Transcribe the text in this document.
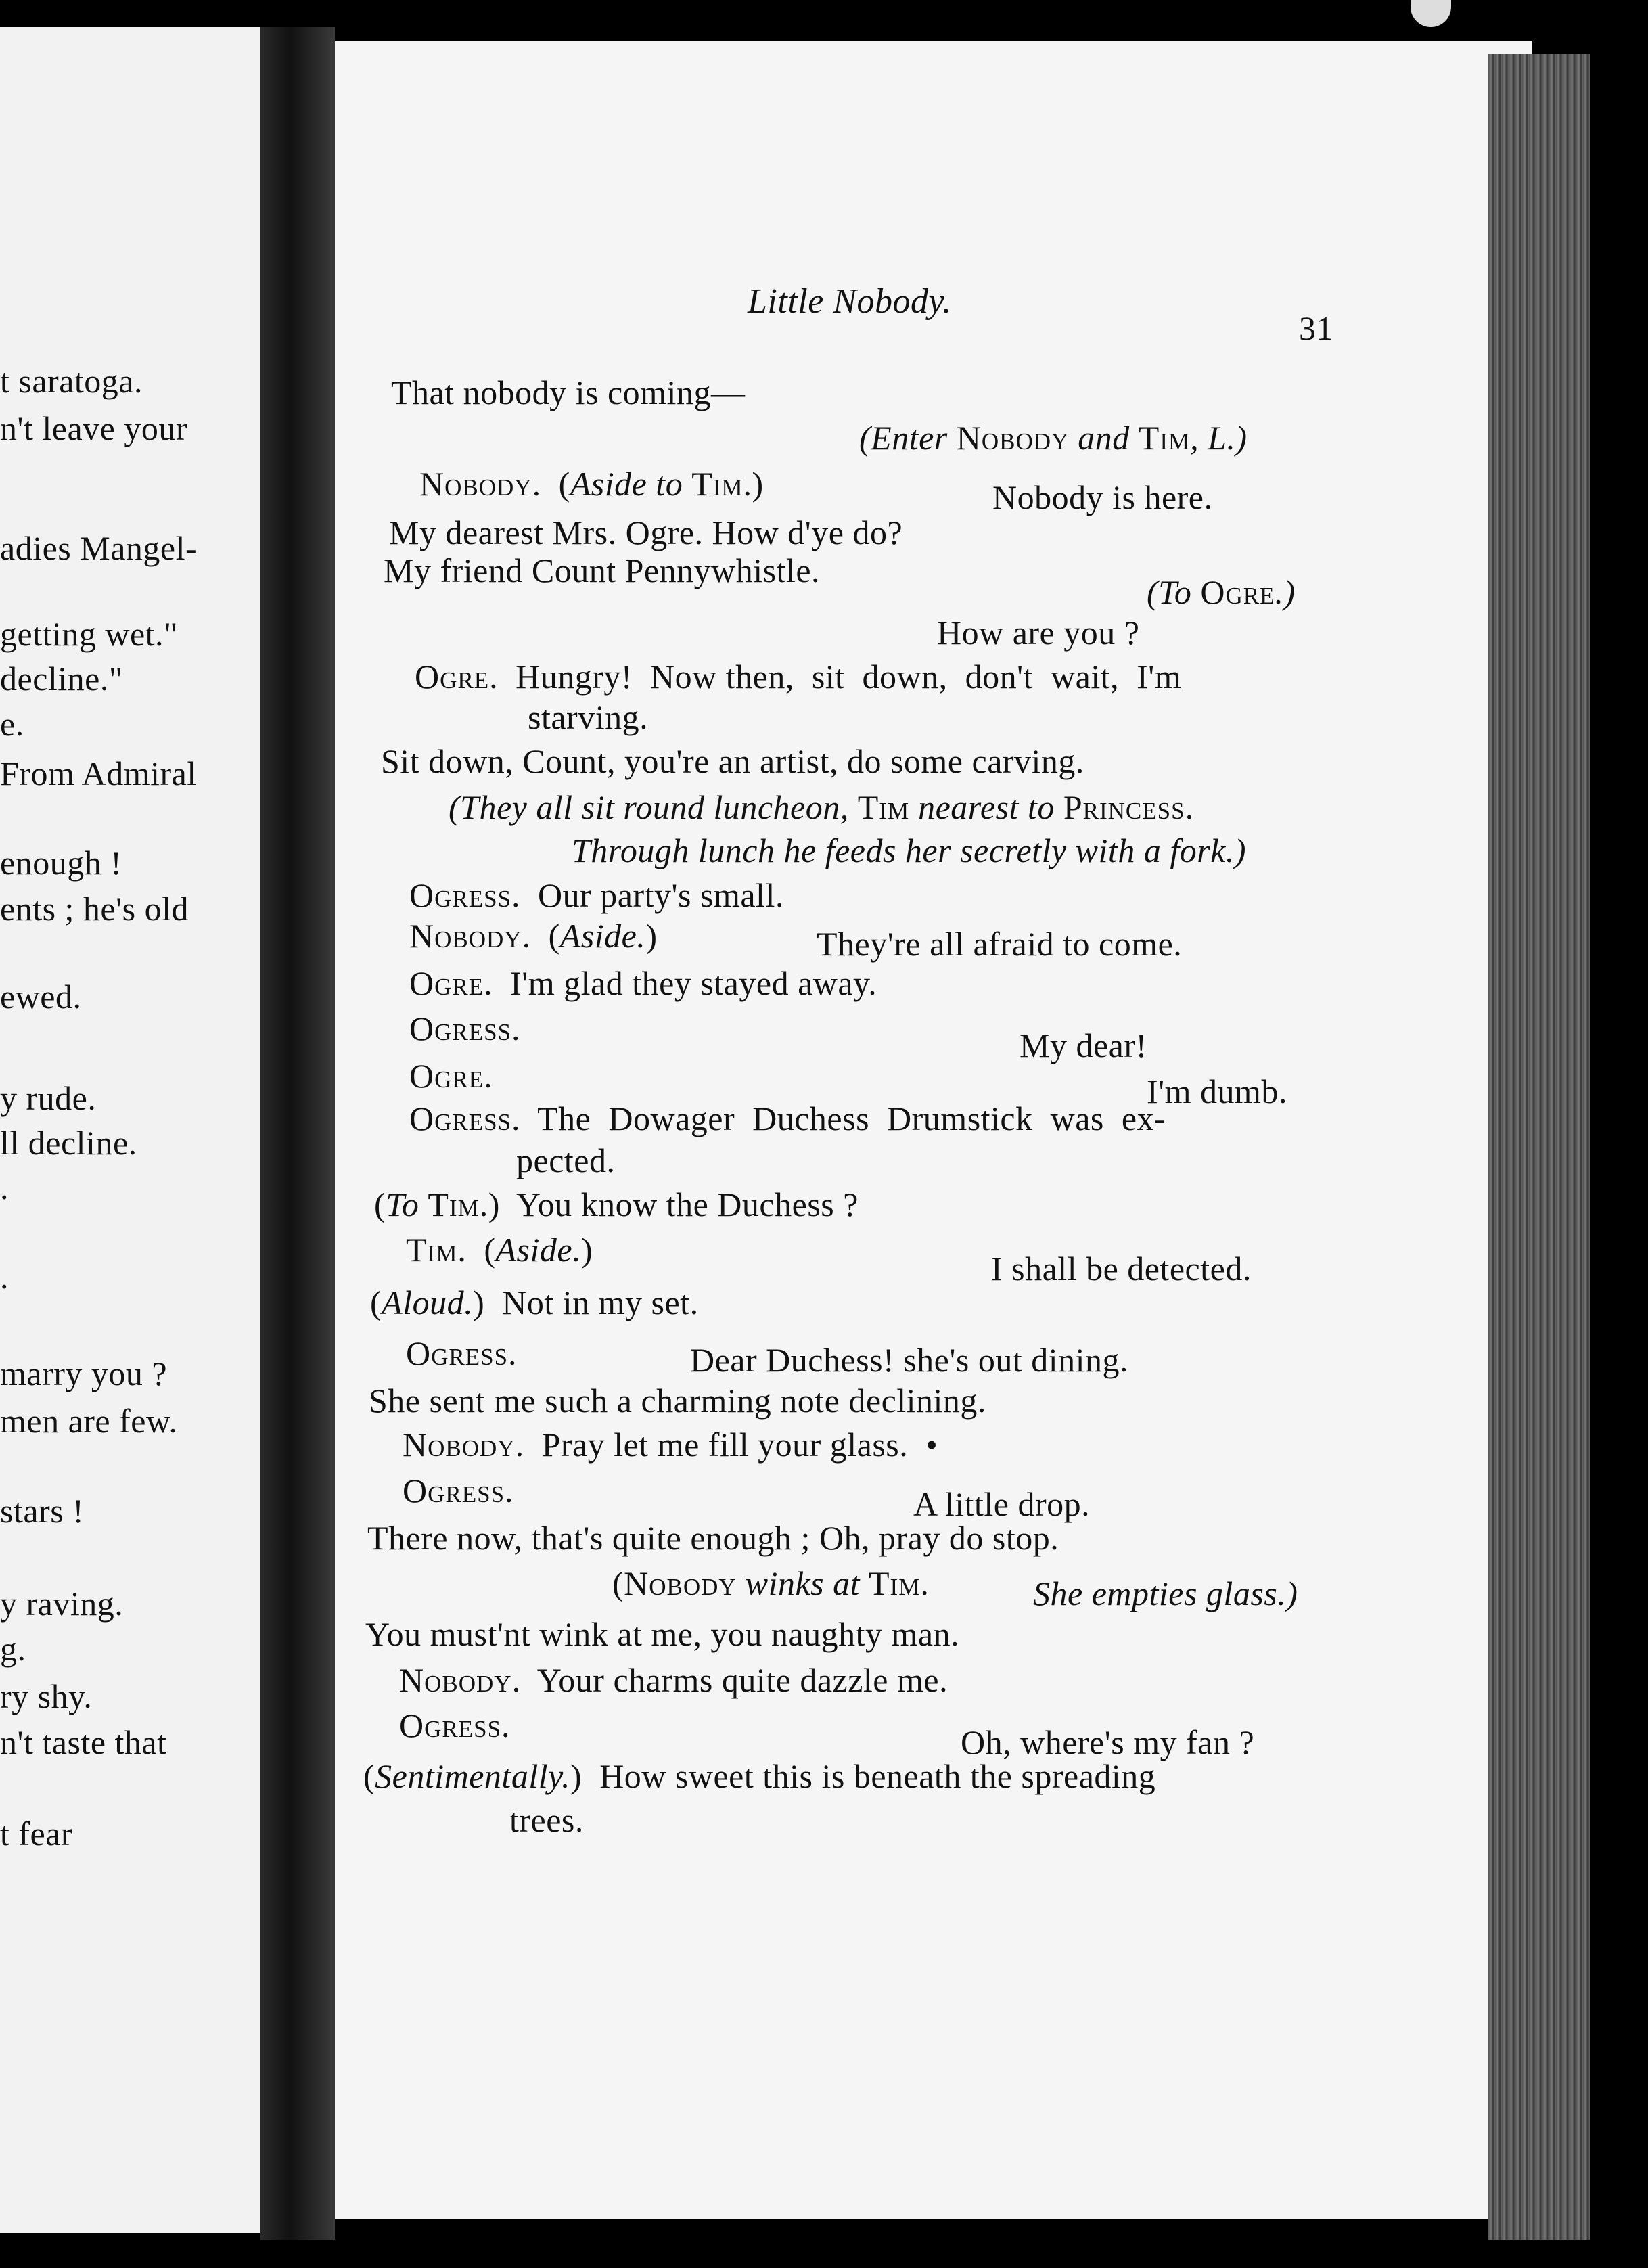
t saratoga.
n't leave your
adies Mangel-
getting wet."
decline."
e.
From Admiral
enough !
ents ; he's old
ewed.
y rude.
ll decline.
.
.
marry you ?
men are few.
stars !
y raving.
g.
ry shy.
n't taste that
t fear
Little Nobody.
31
That nobody is coming—
(Enter Nobody and Tim, L.)
Nobody.  (Aside to Tim.)	Nobody is here.
My dearest Mrs. Ogre. How d'ye do?
My friend Count Pennywhistle.
(To Ogre.)
How are you ?
Ogre.  Hungry!  Now then,  sit  down,  don't  wait,  I'm
starving.
Sit down, Count, you're an artist, do some carving.
(They all sit round luncheon, Tim nearest to Princess.
Through lunch he feeds her secretly with a fork.)
Ogress.  Our party's small.
Nobody.  (Aside.)	They're all afraid to come.
Ogre.  I'm glad they stayed away.
Ogress.	My dear!
Ogre.	I'm dumb.
Ogress.  The  Dowager  Duchess  Drumstick  was  ex-
pected.
(To Tim.)  You know the Duchess ?
Tim.  (Aside.)	I shall be detected.
(Aloud.)  Not in my set.
Ogress.	Dear Duchess! she's out dining.
She sent me such a charming note declining.
Nobody.  Pray let me fill your glass.  •
Ogress.	A little drop.
There now, that's quite enough ; Oh, pray do stop.
(Nobody winks at Tim.	She empties glass.)
You must'nt wink at me, you naughty man.
Nobody.  Your charms quite dazzle me.
Ogress.	Oh, where's my fan ?
(Sentimentally.)  How sweet this is beneath the spreading
trees.
